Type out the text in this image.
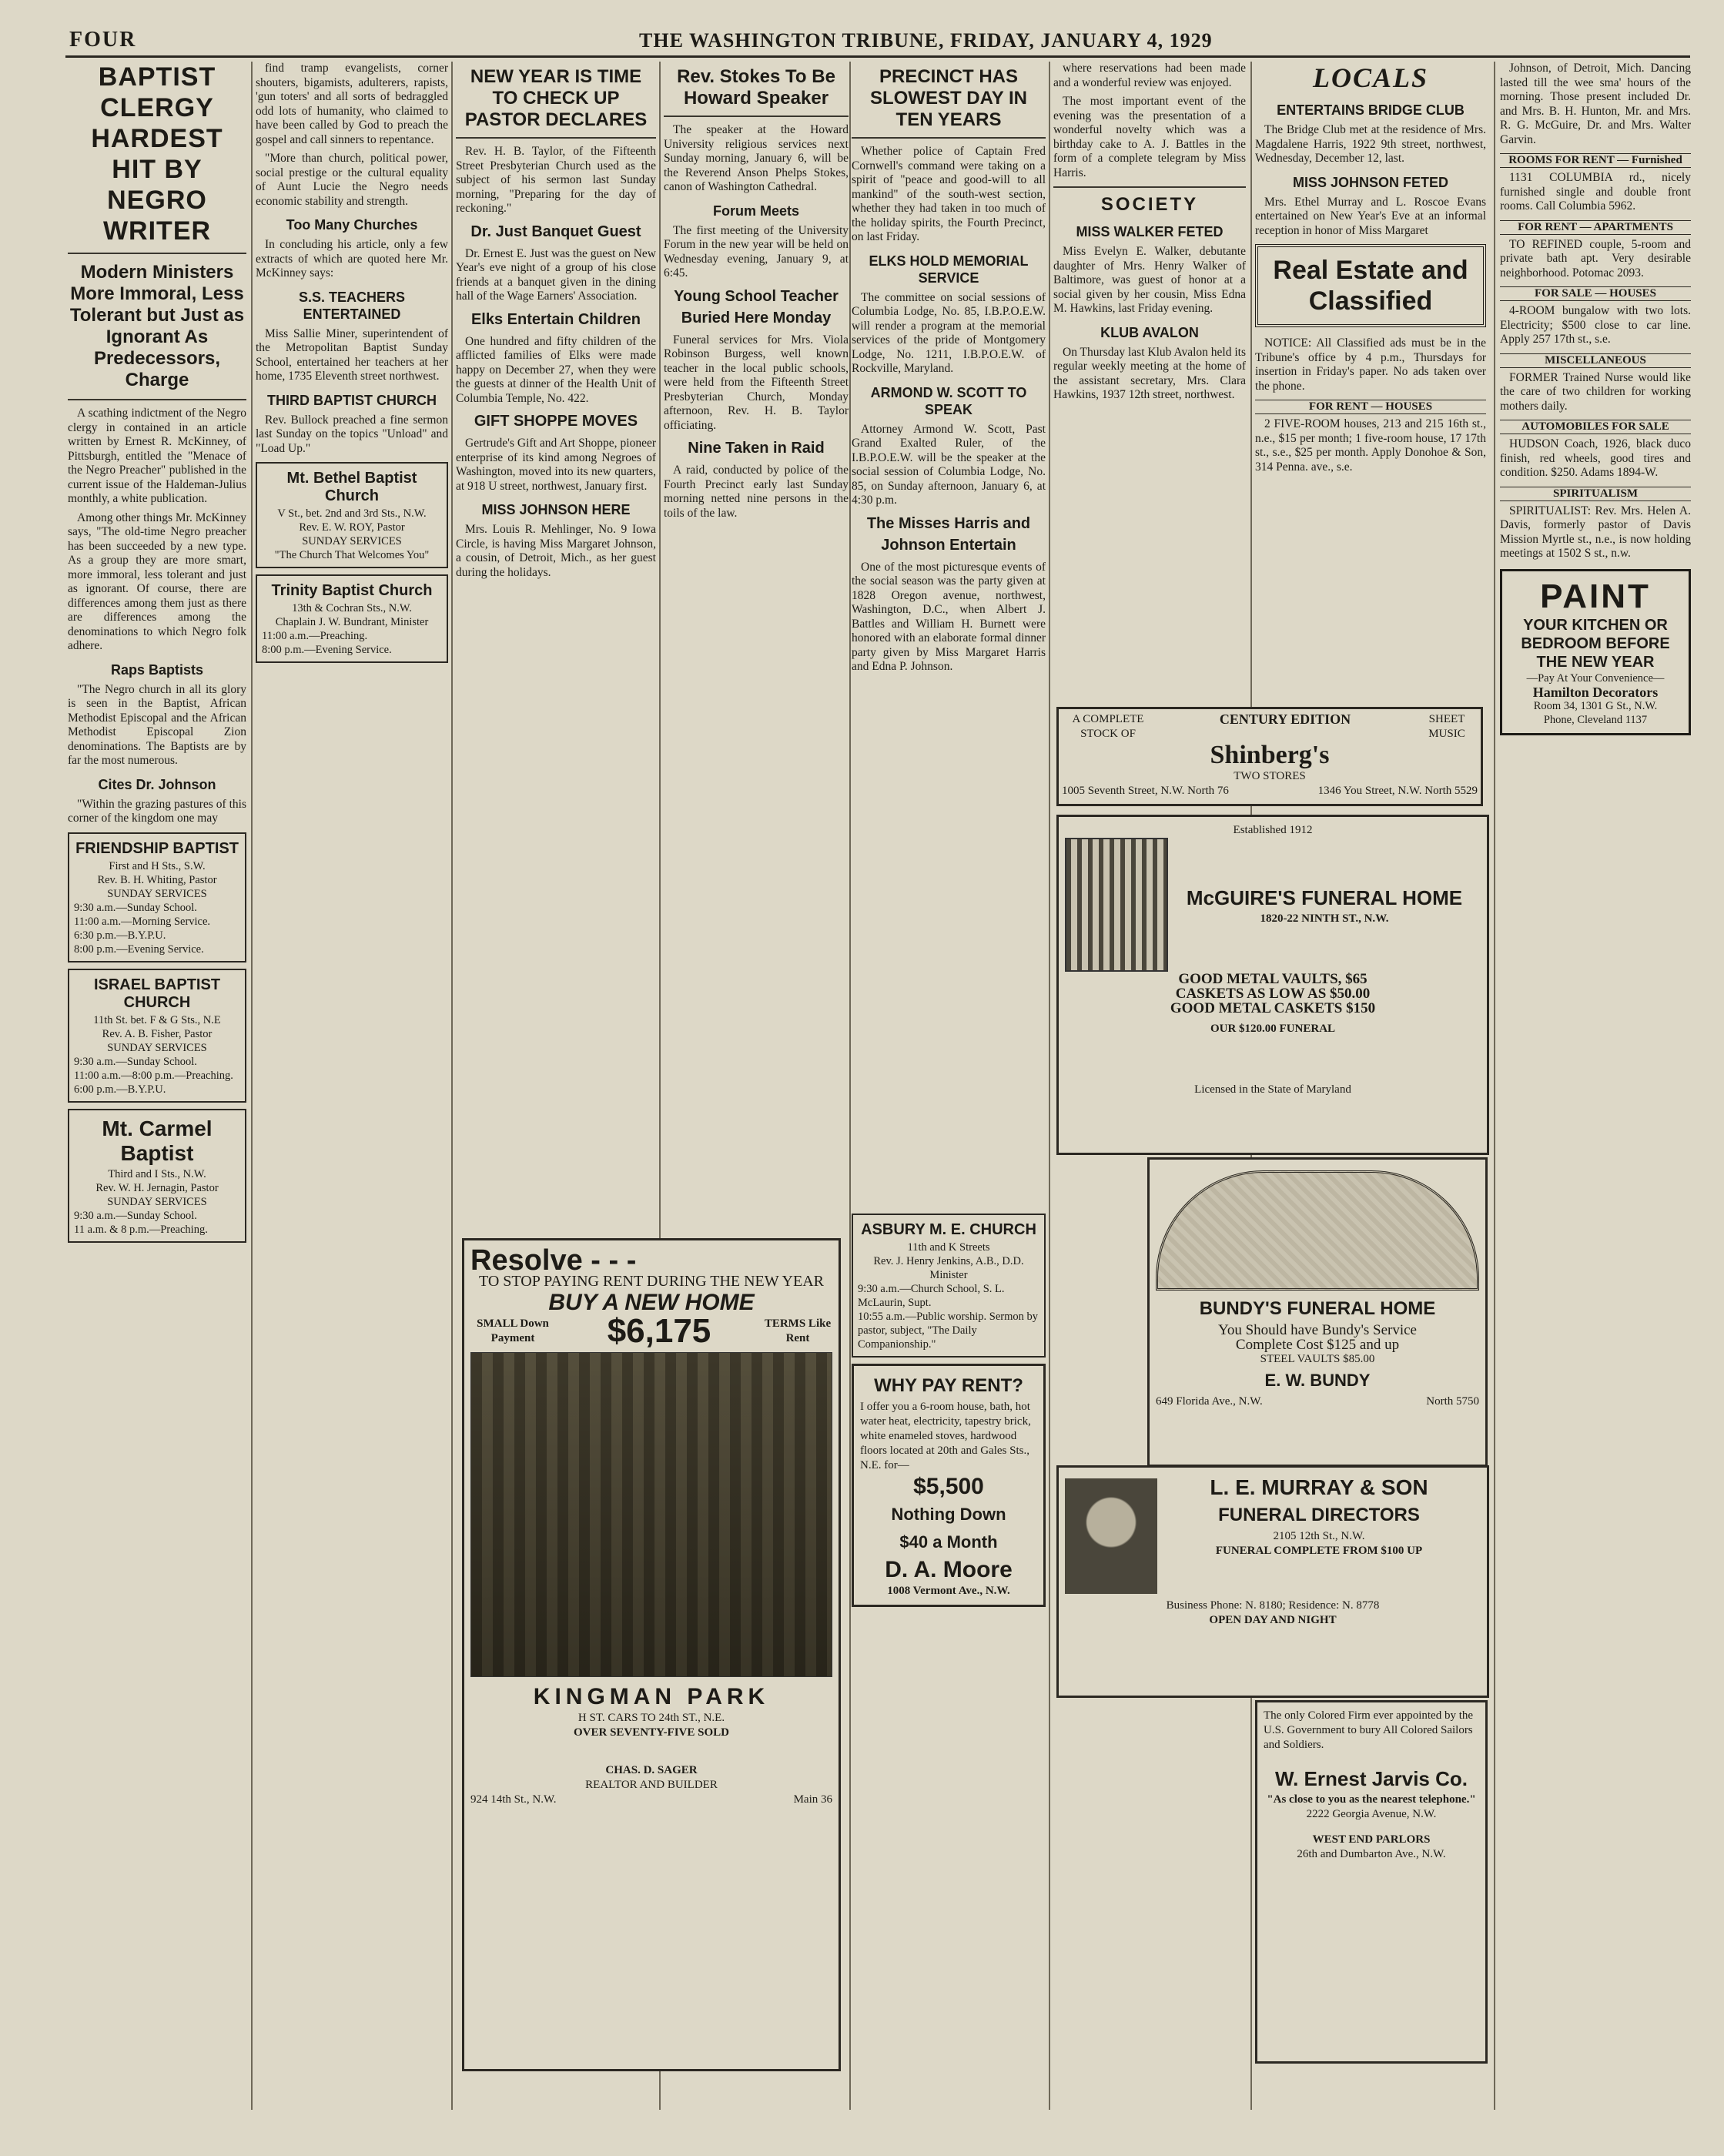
FOUR	THE WASHINGTON TRIBUNE, FRIDAY, JANUARY 4, 1929
BAPTIST CLERGY HARDEST HIT BY NEGRO WRITER
Modern Ministers More Immoral, Less Tolerant but Just as Ignorant As Predecessors, Charge

A scathing indictment of the Negro clergy in contained in an article written by Ernest R. McKinney, of Pittsburgh, entitled the "Menace of the Negro Preacher" published in the current issue of the Haldeman-Julius monthly, a white publication.

Among other things Mr. McKinney says, "The old-time Negro preacher has been succeeded by a new type. As a group they are more smart, more immoral, less tolerant and just as ignorant. Of course, there are differences among them just as there are differences among the denominations to which Negro folk adhere.

Raps Baptists

"The Negro church in all its glory is seen in the Baptist, African Methodist Episcopal and the African Methodist Episcopal Zion denominations. The Baptists are by far the most numerous.

Cites Dr. Johnson

"Within the grazing pastures of this corner of the kingdom one may

FRIENDSHIP BAPTIST
First and H Sts., S.W.
Rev. B. H. Whiting, Pastor
SUNDAY SERVICES
9:30 a.m.—Sunday School.
11:00 a.m.—Morning Service.
6:30 p.m.—B.Y.P.U.
8:00 p.m.—Evening Service.
ISRAEL BAPTIST CHURCH
11th St. bet. F & G Sts., N.E
Rev. A. B. Fisher, Pastor
SUNDAY SERVICES
9:30 a.m.—Sunday School.
11:00 a.m.—8:00 p.m.—Preaching.
6:00 p.m.—B.Y.P.U.
Mt. Carmel Baptist
Third and I Sts., N.W.
Rev. W. H. Jernagin, Pastor
SUNDAY SERVICES
9:30 a.m.—Sunday School.
11 a.m. & 8 p.m.—Preaching.

find tramp evangelists, corner shouters, bigamists, adulterers, rapists, 'gun toters' and all sorts of bedraggled odd lots of humanity, who claimed to have been called by God to preach the gospel and call sinners to repentance.

"More than church, political power, social prestige or the cultural equality of Aunt Lucie the Negro needs economic stability and strength.

Too Many Churches

In concluding his article, only a few extracts of which are quoted here Mr. McKinney says:

S.S. TEACHERS ENTERTAINED

Miss Sallie Miner, superintendent of the Metropolitan Baptist Sunday School, entertained her teachers at her home, 1735 Eleventh street northwest.

THIRD BAPTIST CHURCH

Rev. Bullock preached a fine sermon last Sunday on the topics "Unload" and "Load Up."

Mt. Bethel Baptist Church
V St., bet. 2nd and 3rd Sts., N.W.
Rev. E. W. ROY, Pastor
SUNDAY SERVICES
"The Church That Welcomes You"
Trinity Baptist Church
13th & Cochran Sts., N.W.
Chaplain J. W. Bundrant, Minister
11:00 a.m.—Preaching.
8:00 p.m.—Evening Service.
NEW YEAR IS TIME TO CHECK UP PASTOR DECLARES

Rev. H. B. Taylor, of the Fifteenth Street Presbyterian Church used as the subject of his sermon last Sunday morning, "Preparing for the day of reckoning."

Dr. Just Banquet Guest

Dr. Ernest E. Just was the guest on New Year's eve night of a group of his close friends at a banquet given in the dining hall of the Wage Earners' Association.

Elks Entertain Children

One hundred and fifty children of the afflicted families of Elks were made happy on December 27, when they were the guests at dinner of the Health Unit of Columbia Temple, No. 422.

GIFT SHOPPE MOVES

Gertrude's Gift and Art Shoppe, pioneer enterprise of its kind among Negroes of Washington, moved into its new quarters, at 918 U street, northwest, January first.

MISS JOHNSON HERE

Mrs. Louis R. Mehlinger, No. 9 Iowa Circle, is having Miss Margaret Johnson, a cousin, of Detroit, Mich., as her guest during the holidays.

Rev. Stokes To Be Howard Speaker

The speaker at the Howard University religious services next Sunday morning, January 6, will be the Reverend Anson Phelps Stokes, canon of Washington Cathedral.

Forum Meets

The first meeting of the University Forum in the new year will be held on Wednesday evening, January 9, at 6:45.

Young School Teacher Buried Here Monday

Funeral services for Mrs. Viola Robinson Burgess, well known teacher in the local public schools, were held from the Fifteenth Street Presbyterian Church, Monday afternoon, Rev. H. B. Taylor officiating.

Nine Taken in Raid

A raid, conducted by police of the Fourth Precinct early last Sunday morning netted nine persons in the toils of the law.

Resolve - - -
TO STOP PAYING RENT DURING THE NEW YEAR
BUY A NEW HOME
SMALL Down Payment	$6,175	TERMS Like Rent
KINGMAN PARK
H ST. CARS TO 24th ST., N.E.
OVER SEVENTY-FIVE SOLD
CHAS. D. SAGER
REALTOR AND BUILDER
924 14th St., N.W.	Main 36
PRECINCT HAS SLOWEST DAY IN TEN YEARS

Whether police of Captain Fred Cornwell's command were taking on a spirit of "peace and good-will to all mankind" of the south-west section, whether they had taken in too much of the holiday spirits, the Fourth Precinct, on last Friday.

ELKS HOLD MEMORIAL SERVICE

The committee on social sessions of Columbia Lodge, No. 85, I.B.P.O.E.W. will render a program at the memorial services of the pride of Montgomery Lodge, No. 1211, I.B.P.O.E.W. of Rockville, Maryland.

ARMOND W. SCOTT TO SPEAK

Attorney Armond W. Scott, Past Grand Exalted Ruler, of the I.B.P.O.E.W. will be the speaker at the social session of Columbia Lodge, No. 85, on Sunday afternoon, January 6, at 4:30 p.m.

The Misses Harris and Johnson Entertain

One of the most picturesque events of the social season was the party given at 1828 Oregon avenue, northwest, Washington, D.C., when Albert J. Battles and William H. Burnett were honored with an elaborate formal dinner party given by Miss Margaret Harris and Edna P. Johnson.

ASBURY M. E. CHURCH
11th and K Streets
Rev. J. Henry Jenkins, A.B., D.D.
Minister
9:30 a.m.—Church School, S. L. McLaurin, Supt.
10:55 a.m.—Public worship. Sermon by pastor, subject, "The Daily Companionship."
WHY PAY RENT?
I offer you a 6-room house, bath, hot water heat, electricity, tapestry brick, white enameled stoves, hardwood floors located at 20th and Gales Sts., N.E. for—
$5,500
Nothing Down
$40 a Month
D. A. Moore
1008 Vermont Ave., N.W.

where reservations had been made and a wonderful review was enjoyed.

The most important event of the evening was the presentation of a wonderful novelty which was a birthday cake to A. J. Battles in the form of a complete telegram by Miss Harris.

SOCIETY
MISS WALKER FETED

Miss Evelyn E. Walker, debutante daughter of Mrs. Henry Walker of Baltimore, was guest of honor at a social given by her cousin, Miss Edna M. Hawkins, last Friday evening.

KLUB AVALON

On Thursday last Klub Avalon held its regular weekly meeting at the home of the assistant secretary, Mrs. Clara Hawkins, 1937 12th street, northwest.

A COMPLETE STOCK OF
CENTURY EDITION	SHEET MUSIC
Shinberg's
TWO STORES
1005 Seventh Street, N.W. North 76	1346 You Street, N.W. North 5529
Established 1912
McGUIRE'S FUNERAL HOME
1820-22 NINTH ST., N.W.
GOOD METAL VAULTS, $65
CASKETS AS LOW AS $50.00
GOOD METAL CASKETS $150
OUR $120.00 FUNERAL
Licensed in the State of Maryland
BUNDY'S FUNERAL HOME
You Should have Bundy's Service
Complete Cost $125 and up
STEEL VAULTS $85.00
E. W. BUNDY
649 Florida Ave., N.W.	North 5750
L. E. MURRAY & SON
FUNERAL DIRECTORS
2105 12th St., N.W.
FUNERAL COMPLETE FROM $100 UP
Business Phone: N. 8180; Residence: N. 8778
OPEN DAY AND NIGHT
The only Colored Firm ever appointed by the U.S. Government to bury All Colored Sailors and Soldiers.
W. Ernest Jarvis Co.
"As close to you as the nearest telephone."
2222 Georgia Avenue, N.W.
WEST END PARLORS
26th and Dumbarton Ave., N.W.
LOCALS
ENTERTAINS BRIDGE CLUB

The Bridge Club met at the residence of Mrs. Magdalene Harris, 1922 9th street, northwest, Wednesday, December 12, last.

MISS JOHNSON FETED

Mrs. Ethel Murray and L. Roscoe Evans entertained on New Year's Eve at an informal reception in honor of Miss Margaret

Real Estate and Classified

NOTICE: All Classified ads must be in the Tribune's office by 4 p.m., Thursdays for insertion in Friday's paper. No ads taken over the phone.

FOR RENT — HOUSES

2 FIVE-ROOM houses, 213 and 215 16th st., n.e., $15 per month; 1 five-room house, 17 17th st., s.e., $25 per month. Apply Donohoe & Son, 314 Penna. ave., s.e.

Johnson, of Detroit, Mich. Dancing lasted till the wee sma' hours of the morning. Those present included Dr. and Mrs. B. H. Hunton, Mr. and Mrs. R. G. McGuire, Dr. and Mrs. Walter Garvin.

ROOMS FOR RENT — Furnished

1131 COLUMBIA rd., nicely furnished single and double front rooms. Call Columbia 5962.

FOR RENT — APARTMENTS

TO REFINED couple, 5-room and private bath apt. Very desirable neighborhood. Potomac 2093.

FOR SALE — HOUSES

4-ROOM bungalow with two lots. Electricity; $500 close to car line. Apply 257 17th st., s.e.

MISCELLANEOUS

FORMER Trained Nurse would like the care of two children for working mothers daily.

AUTOMOBILES FOR SALE

HUDSON Coach, 1926, black duco finish, red wheels, good tires and condition. $250. Adams 1894-W.

SPIRITUALISM

SPIRITUALIST: Rev. Mrs. Helen A. Davis, formerly pastor of Davis Mission Myrtle st., n.e., is now holding meetings at 1502 S st., n.w.

PAINT
YOUR KITCHEN OR BEDROOM BEFORE THE NEW YEAR
—Pay At Your Convenience—
Hamilton Decorators
Room 34, 1301 G St., N.W.
Phone, Cleveland 1137
